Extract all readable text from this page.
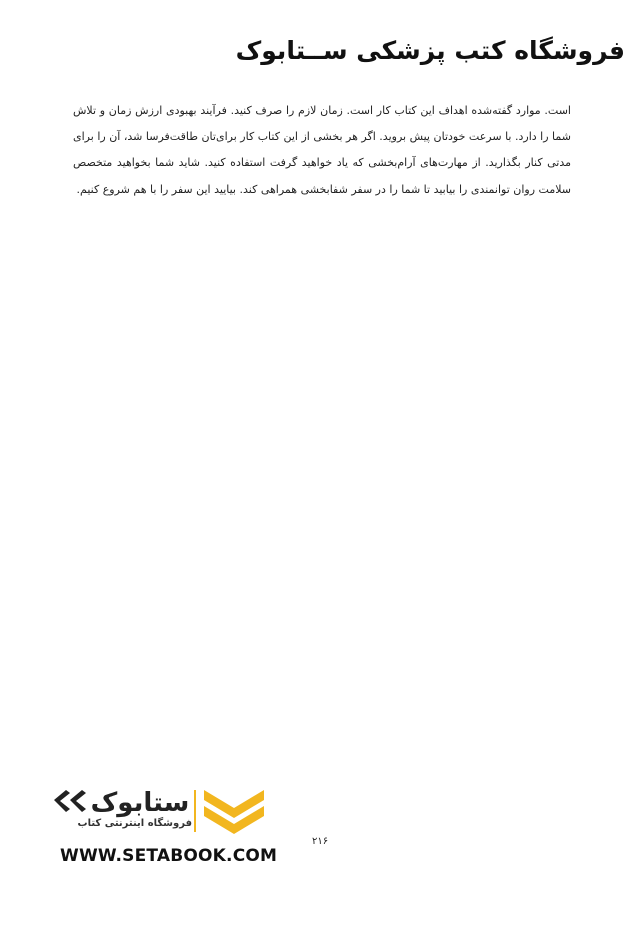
فروشگاه کتب پزشکی ســتابوک

است. موارد گفته‌شده اهداف این کتاب کار است. زمان لازم را صرف کنید. فرآیند بهبودی ارزش زمان و تلاش شما را دارد. با سرعت خودتان پیش بروید. اگر هر بخشی از این کتاب کار برای‌تان طاقت‌فرسا شد، آن را برای مدتی کنار بگذارید. از مهارت‌های آرام‌بخشی که یاد خواهید گرفت استفاده کنید. شاید شما بخواهید متخصص سلامت روان توانمندی را بیابید تا شما را در سفر شفابخشی همراهی کند. بیایید این سفر را با هم شروع کنیم.

ستابوک
فروشگاه اینترنتی کتاب
WWW.SETABOOK.COM
۲۱۶
